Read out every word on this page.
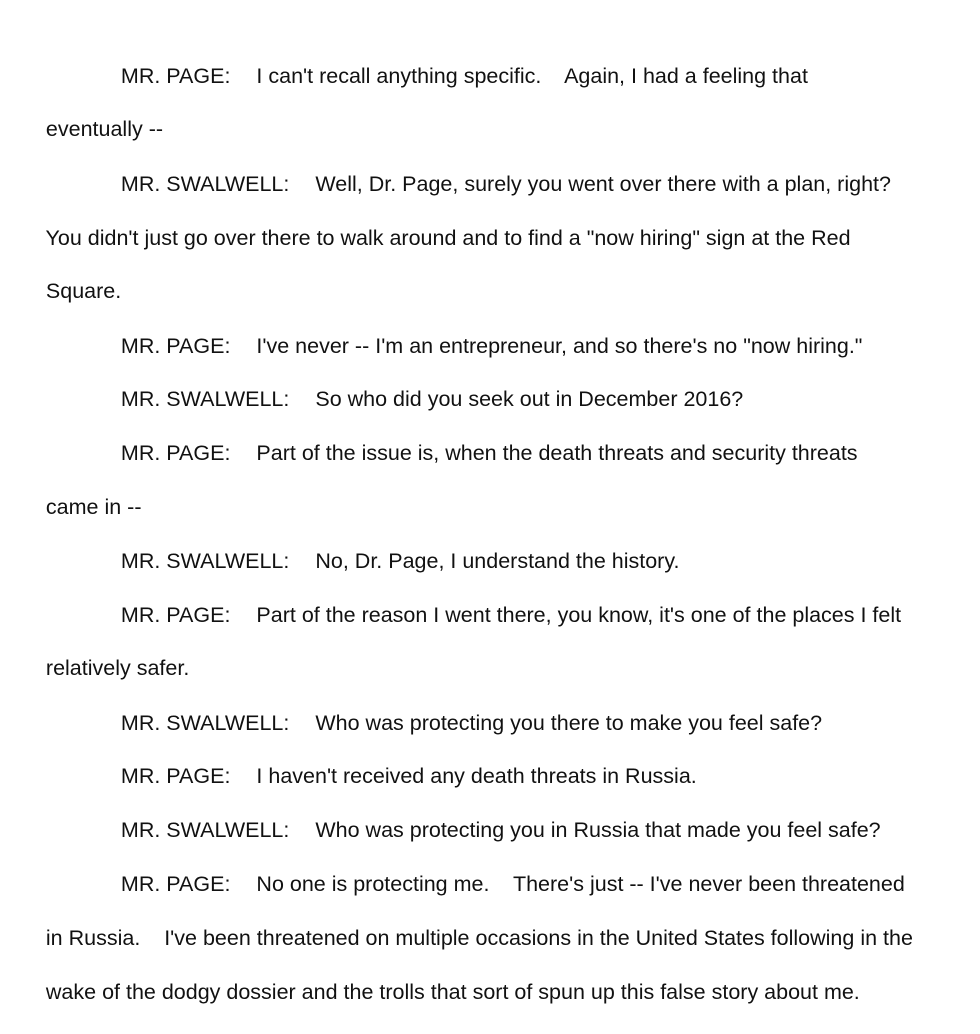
MR. PAGE: I can't recall anything specific.    Again, I had a feeling that

eventually --

MR. SWALWELL: Well, Dr. Page, surely you went over there with a plan, right?

You didn't just go over there to walk around and to find a "now hiring" sign at the Red

Square.

MR. PAGE: I've never -- I'm an entrepreneur, and so there's no "now hiring."

MR. SWALWELL: So who did you seek out in December 2016?

MR. PAGE: Part of the issue is, when the death threats and security threats

came in --

MR. SWALWELL: No, Dr. Page, I understand the history.

MR. PAGE: Part of the reason I went there, you know, it's one of the places I felt

relatively safer.

MR. SWALWELL: Who was protecting you there to make you feel safe?

MR. PAGE: I haven't received any death threats in Russia.

MR. SWALWELL: Who was protecting you in Russia that made you feel safe?

MR. PAGE: No one is protecting me.    There's just -- I've never been threatened

in Russia.    I've been threatened on multiple occasions in the United States following in the

wake of the dodgy dossier and the trolls that sort of spun up this false story about me.
